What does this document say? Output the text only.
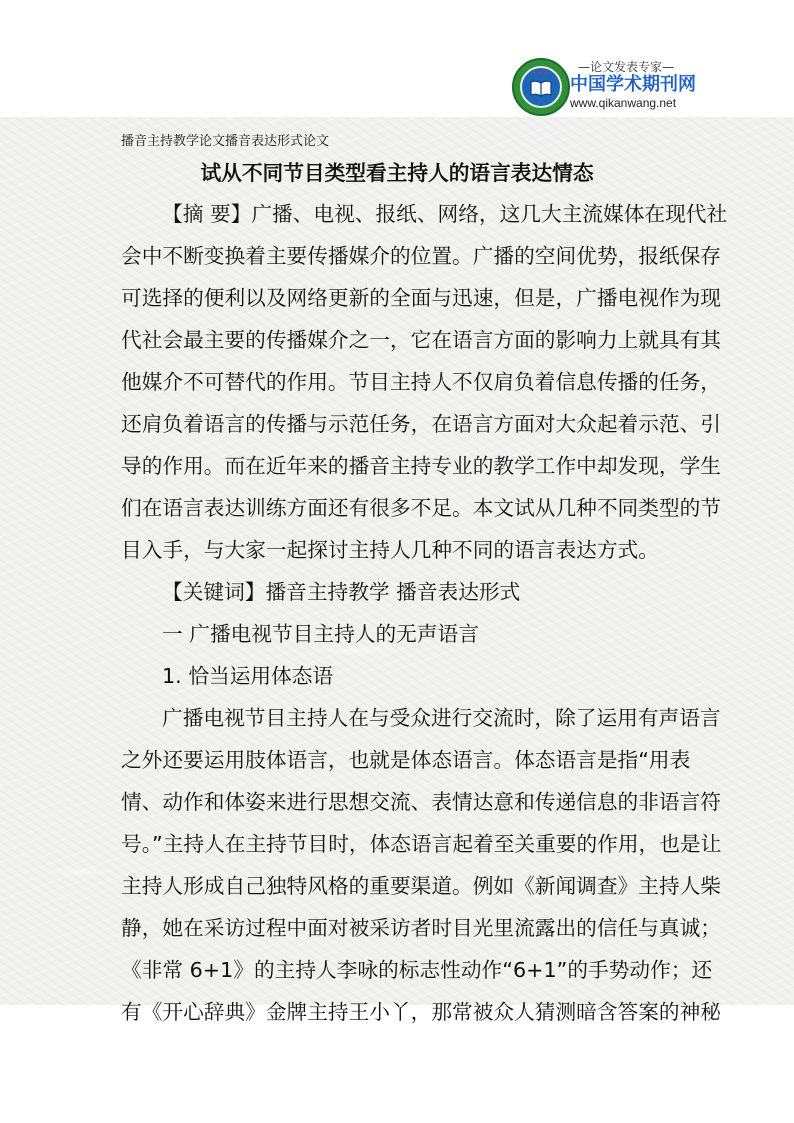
★★★	—论文发表专家—
中国学术期刊网
www.qikanwang.net
播音主持教学论文播音表达形式论文
试从不同节目类型看主持人的语言表达情态
【摘 要】广播、电视、报纸、网络，这几大主流媒体在现代社
会中不断变换着主要传播媒介的位置。广播的空间优势，报纸保存
可选择的便利以及网络更新的全面与迅速，但是，广播电视作为现
代社会最主要的传播媒介之一，它在语言方面的影响力上就具有其
他媒介不可替代的作用。节目主持人不仅肩负着信息传播的任务，
还肩负着语言的传播与示范任务，在语言方面对大众起着示范、引
导的作用。而在近年来的播音主持专业的教学工作中却发现，学生
们在语言表达训练方面还有很多不足。本文试从几种不同类型的节
目入手，与大家一起探讨主持人几种不同的语言表达方式。
【关键词】播音主持教学 播音表达形式
一 广播电视节目主持人的无声语言
1. 恰当运用体态语
广播电视节目主持人在与受众进行交流时，除了运用有声语言
之外还要运用肢体语言，也就是体态语言。体态语言是指“用表
情、动作和体姿来进行思想交流、表情达意和传递信息的非语言符
号。”主持人在主持节目时，体态语言起着至关重要的作用，也是让
主持人形成自己独特风格的重要渠道。例如《新闻调查》主持人柴
静，她在采访过程中面对被采访者时目光里流露出的信任与真诚；
《非常 6+1》的主持人李咏的标志性动作“6+1”的手势动作；还
有《开心辞典》金牌主持王小丫，那常被众人猜测暗含答案的神秘
